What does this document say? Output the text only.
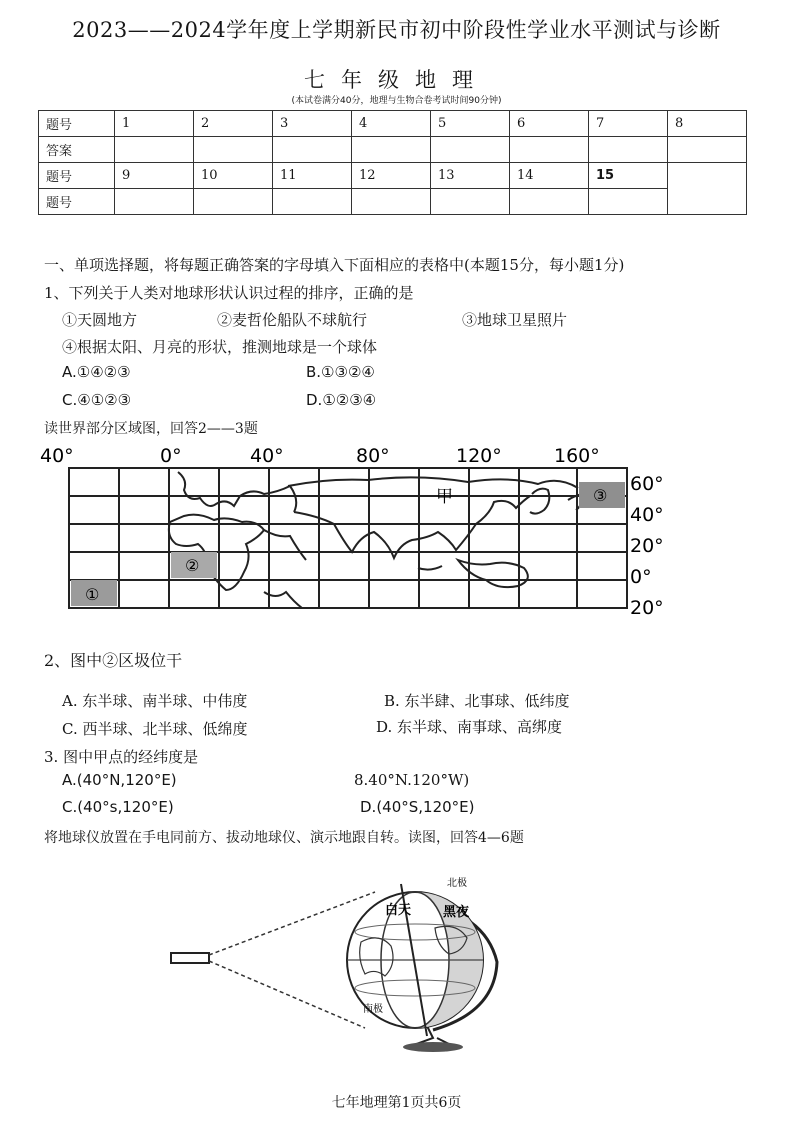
2023——2024学年度上学期新民市初中阶段性学业水平测试与诊断
七年级地理
(本试卷满分40分，地理与生物合卷考试时间90分钟)
题号	1	2	3	4	5	6	7	8
答案								
题号	9	10	11	12	13	14	15	
题号								
一、单项选择题，将每题正确答案的字母填入下面相应的表格中(本题15分，每小题1分)
1、下列关于人类对地球形状认识过程的排序，正确的是
①天圆地方	②麦哲伦船队不球航行	③地球卫星照片
④根据太阳、月亮的形状，推测地球是一个球体
A.①④②③	B.①③②④
C.④①②③	D.①②③④
读世界部分区域图，回答2——3题
40°	0°	40°	80°	120°	160°
60°
40°
20°
0°
20°
①
②
③
甲
2、图中②区圾位干
A. 东半球、南半球、中伟度	B. 东半肆、北事球、低纬度
C. 西半球、北半球、低绵度	D. 东半球、南事球、高绑度
3. 图中甲点的经纬度是
A.(40°N,120°E)	8.40°N.120°W)
C.(40°s,120°E)	D.(40°S,120°E)
将地球仪放置在手电同前方、拔动地球仪、演示地跟自转。读图，回答4—6题
白天 黑夜
北极
南极
七年地理第1页共6页
